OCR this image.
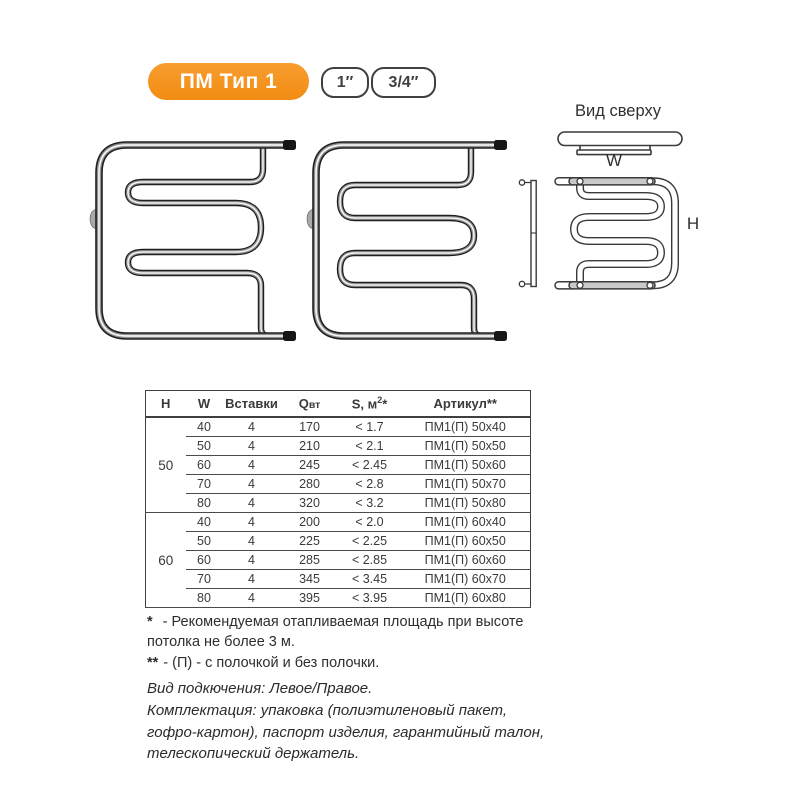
ПМ Тип 1	1″	3/4″
Вид сверху
W
H
H	W	Вставки	Qвт	S, $м^2*$	Артикул**
50	40	4	170	< 1.7	ПМ1(П) 50x40
	50	4	210	< 2.1	ПМ1(П) 50x50
	60	4	245	< 2.45	ПМ1(П) 50x60
	70	4	280	< 2.8	ПМ1(П) 50x70
	80	4	320	< 3.2	ПМ1(П) 50x80
60	40	4	200	< 2.0	ПМ1(П) 60x40
	50	4	225	< 2.25	ПМ1(П) 60x50
	60	4	285	< 2.85	ПМ1(П) 60x60
	70	4	345	< 3.45	ПМ1(П) 60x70
	80	4	395	< 3.95	ПМ1(П) 60x80

* - Рекомендуемая отапливаемая площадь при высоте потолка не более 3 м.

** - (П) - с полочкой и без полочки.

Вид подкючения: Левое/Правое.

Комплектация: упаковка (полиэтиленовый пакет, гофро-картон), паспорт изделия, гарантийный талон, телескопический держатель.
